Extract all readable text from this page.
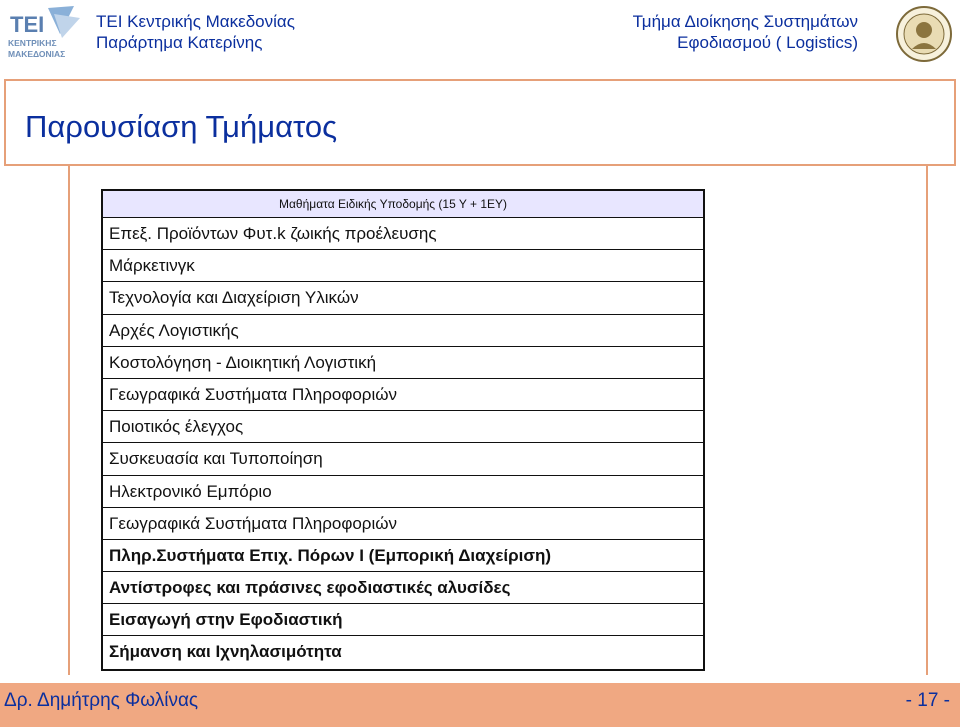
TEI
ΚΕΝΤΡΙΚΗΣ
ΜΑΚΕΔΟΝΙΑΣ
ΤΕΙ Κεντρικής Μακεδονίας
Παράρτημα Κατερίνης
Τμήμα Διοίκησης Συστημάτων
Εφοδιασμού ( Logistics)
Παρουσίαση Τμήματος
Μαθήματα Ειδικής Υποδομής (15 Υ + 1ΕΥ)
Επεξ. Προϊόντων Φυτ.k ζωικής προέλευσης
Μάρκετινγκ
Τεχνολογία και Διαχείριση Υλικών
Αρχές Λογιστικής
Κοστολόγηση - Διοικητική Λογιστική
Γεωγραφικά Συστήματα Πληροφοριών
Ποιοτικός έλεγχος
Συσκευασία και Τυποποίηση
Ηλεκτρονικό Εμπόριο
Γεωγραφικά Συστήματα Πληροφοριών
Πληρ.Συστήματα Επιχ. Πόρων Ι (Εμπορική Διαχείριση)
Αντίστροφες και πράσινες εφοδιαστικές αλυσίδες
Εισαγωγή στην Εφοδιαστική
Σήμανση και Ιχνηλασιμότητα
Δρ. Δημήτρης Φωλίνας	- 17 -
